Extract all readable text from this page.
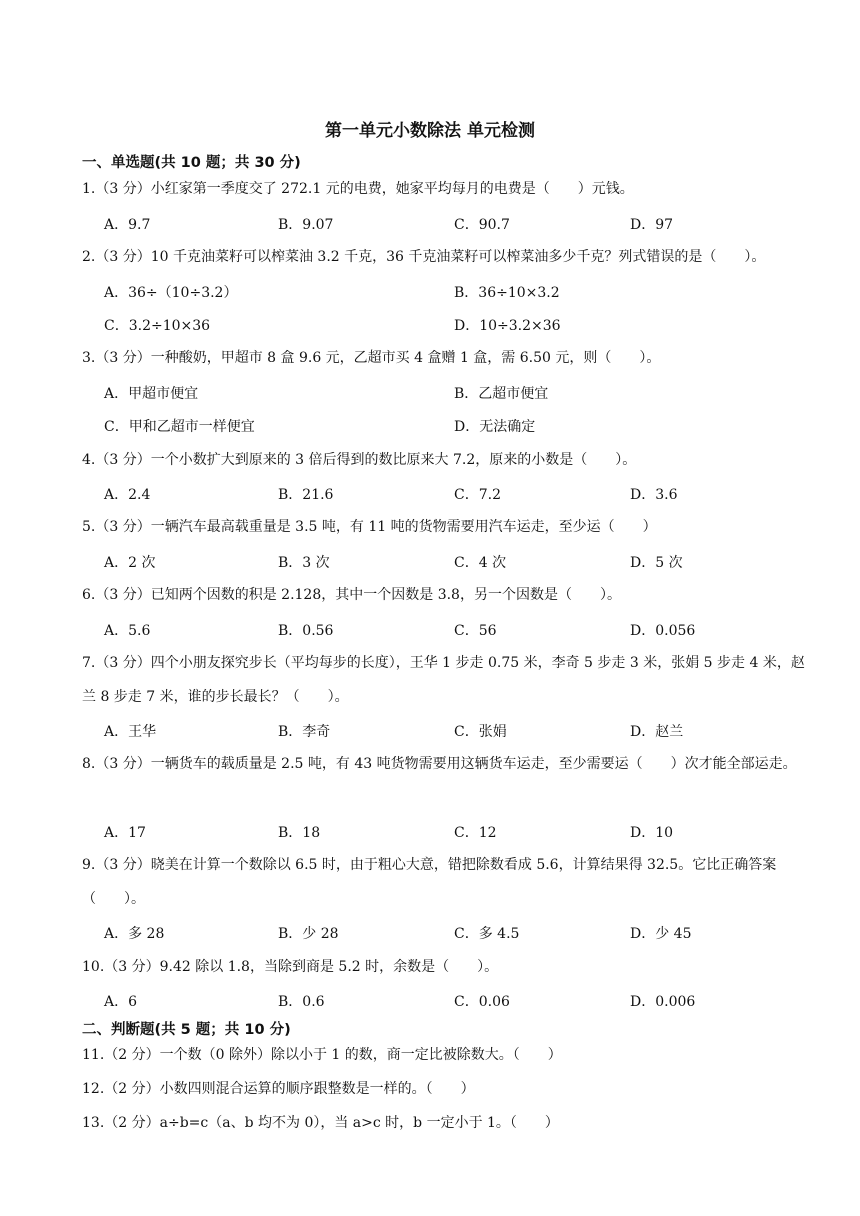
第一单元小数除法 单元检测
一、单选题(共 10 题；共 30 分)

1.（3 分）小红家第一季度交了 272.1 元的电费，她家平均每月的电费是（　　）元钱。

A．9.7	B．9.07	C．90.7	D．97

2.（3 分）10 千克油菜籽可以榨菜油 3.2 千克，36 千克油菜籽可以榨菜油多少千克？列式错误的是（　　）。

A．36÷（10÷3.2）	B．36÷10×3.2
C．3.2÷10×36	D．10÷3.2×36

3.（3 分）一种酸奶，甲超市 8 盒 9.6 元，乙超市买 4 盒赠 1 盒，需 6.50 元，则（　　）。

A．甲超市便宜	B．乙超市便宜
C．甲和乙超市一样便宜	D．无法确定

4.（3 分）一个小数扩大到原来的 3 倍后得到的数比原来大 7.2，原来的小数是（　　）。

A．2.4	B．21.6	C．7.2	D．3.6

5.（3 分）一辆汽车最高载重量是 3.5 吨，有 11 吨的货物需要用汽车运走，至少运（　　）

A．2 次	B．3 次	C．4 次	D．5 次

6.（3 分）已知两个因数的积是 2.128，其中一个因数是 3.8，另一个因数是（　　）。

A．5.6	B．0.56	C．56	D．0.056

7.（3 分）四个小朋友探究步长（平均每步的长度），王华 1 步走 0.75 米，李奇 5 步走 3 米，张娟 5 步走 4 米，赵兰 8 步走 7 米，谁的步长最长？（　　）。

A．王华	B．李奇	C．张娟	D．赵兰

8.（3 分）一辆货车的载质量是 2.5 吨，有 43 吨货物需要用这辆货车运走，至少需要运（　　）次才能全部运走。

A．17	B．18	C．12	D．10

9.（3 分）晓美在计算一个数除以 6.5 时，由于粗心大意，错把除数看成 5.6，计算结果得 32.5。它比正确答案（　　）。

A．多 28	B．少 28	C．多 4.5	D．少 45

10.（3 分）9.42 除以 1.8，当除到商是 5.2 时，余数是（　　）。

A．6	B．0.6	C．0.06	D．0.006
二、判断题(共 5 题；共 10 分)

11.（2 分）一个数（0 除外）除以小于 1 的数，商一定比被除数大。（　　）

12.（2 分）小数四则混合运算的顺序跟整数是一样的。（　　）

13.（2 分）a÷b=c（a、b 均不为 0），当 a>c 时，b 一定小于 1。（　　）
